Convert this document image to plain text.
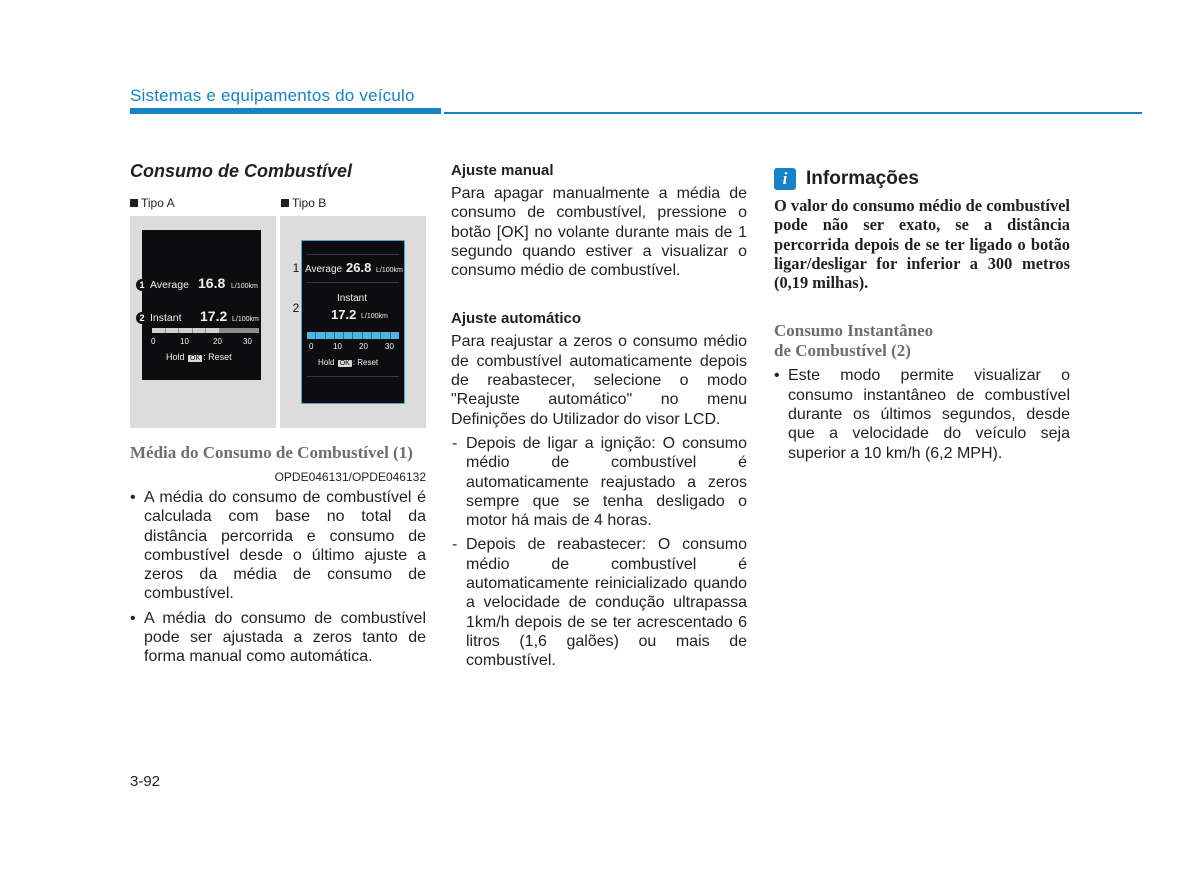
Sistemas e equipamentos do veículo
Consumo de Combustível
Tipo A	Tipo B
1 Average 16.8 L/100km
2 Instant 17.2 L/100km
0	10	20	30
Hold OK : Reset
1 Average 26.8 L/100km
2
Instant
17.2 L/100km
0 10 20 30
Hold OK : Reset
OPDE046131/OPDE046132
Média do Consumo de Combustível (1)
• A média do consumo de combustível é calculada com base no total da distância percorrida e consumo de combustível desde o último ajuste a zeros da média de consumo de combustível.
• A média do consumo de combustível pode ser ajustada a zeros tanto de forma manual como automática.
Ajuste manual

Para apagar manualmente a média de consumo de combustível, pressione o botão [OK] no volante durante mais de 1 segundo quando estiver a visualizar o consumo médio de combustível.

Ajuste automático

Para reajustar a zeros o consumo médio de combustível automaticamente depois de reabastecer, selecione o modo "Reajuste automático" no menu Definições do Utilizador do visor LCD.

- Depois de ligar a ignição: O consumo médio de combustível é automaticamente reajustado a zeros sempre que se tenha desligado o motor há mais de 4 horas.
- Depois de reabastecer: O consumo médio de combustível é automaticamente reinicializado quando a velocidade de condução ultrapassa 1km/h depois de se ter acrescentado 6 litros (1,6 galões) ou mais de combustível.
i Informações
O valor do consumo médio de combustível pode não ser exato, se a distância percorrida depois de se ter ligado o botão ligar/desligar for inferior a 300 metros (0,19 milhas).
Consumo Instantâneo
de Combustível (2)
• Este modo permite visualizar o consumo instantâneo de combustível durante os últimos segundos, desde que a velocidade do veículo seja superior a 10 km/h (6,2 MPH).
3-92
